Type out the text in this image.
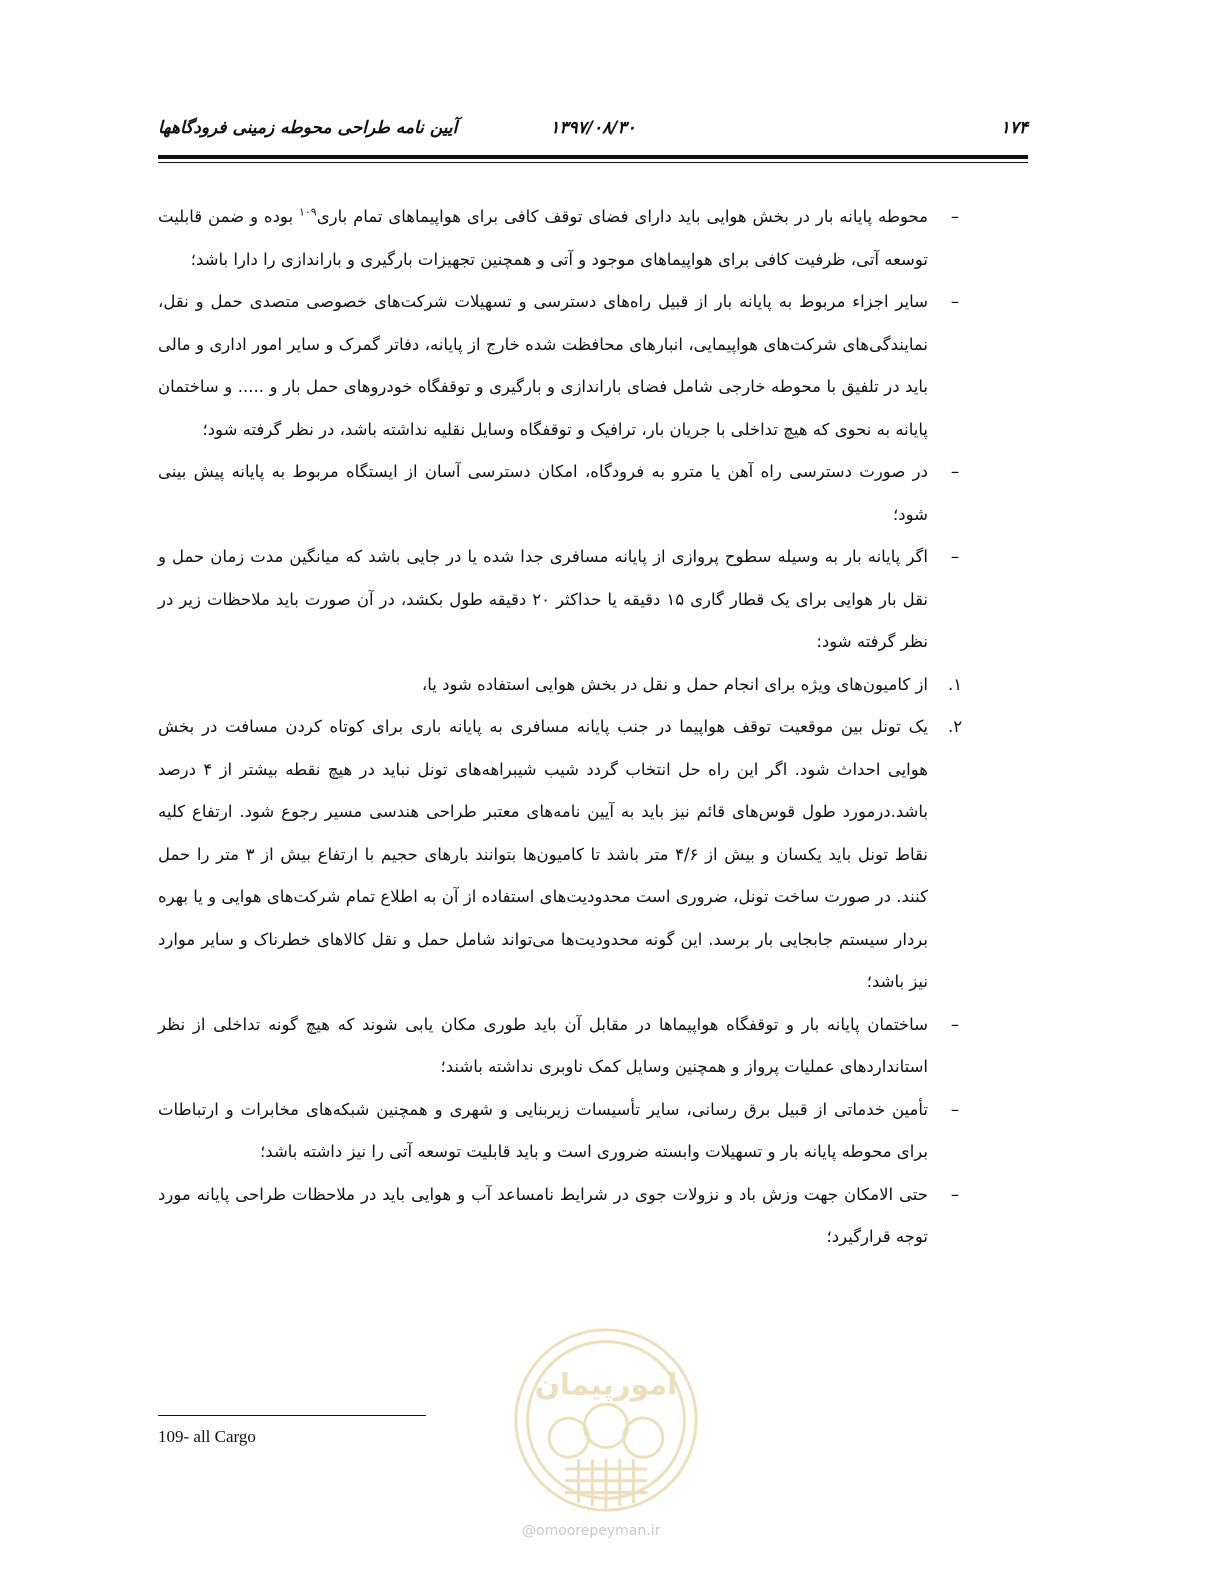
۱۷۴
۱۳۹۷/۰۸/۳۰
آیین نامه طراحی محوطه زمینی فرودگاهها
–

محوطه پایانه بار در بخش هوایی باید دارای فضای توقف کافی برای هواپیماهای تمام باری$^{۱۰۹}$ بوده و ضمن قابلیت توسعه آتی، ظرفیت کافی برای هواپیماهای موجود و آتی و همچنین تجهیزات بارگیری و باراندازی را دارا باشد؛

–

سایر اجزاء مربوط به پایانه بار از قبیل راه‌های دسترسی و تسهیلات شرکت‌های خصوصی متصدی حمل و نقل، نمایندگی‌های شرکت‌های هواپیمایی، انبارهای محافظت شده خارج از پایانه، دفاتر گمرک و سایر امور اداری و مالی باید در تلفیق با محوطه خارجی شامل فضای باراندازی و بارگیری و توقفگاه خودروهای حمل بار و ..... و ساختمان پایانه به نحوی که هیچ تداخلی با جریان بار، ترافیک و توقفگاه وسایل نقلیه نداشته باشد، در نظر گرفته شود؛

–

در صورت دسترسی راه آهن یا مترو به فرودگاه، امکان دسترسی آسان از ایستگاه مربوط به پایانه پیش بینی شود؛

–

اگر پایانه بار به وسیله سطوح پروازی از پایانه مسافری جدا شده یا در جایی باشد که میانگین مدت زمان حمل و نقل بار هوایی برای یک قطار گاری ۱۵ دقیقه یا حداکثر ۲۰ دقیقه طول بکشد، در آن صورت باید ملاحظات زیر در نظر گرفته شود:

۱.

از کامیون‌های ویژه برای انجام حمل و نقل در بخش هوایی استفاده شود یا،

۲.

یک تونل بین موقعیت توقف هواپیما در جنب پایانه مسافری به پایانه باری برای کوتاه کردن مسافت در بخش هوایی احداث شود. اگر این راه حل انتخاب گردد شیب شیبراهه‌های تونل نباید در هیچ نقطه بیشتر از ۴ درصد باشد.درمورد طول قوس‌های قائم نیز باید به آیین نامه‌های معتبر طراحی هندسی مسیر رجوع شود. ارتفاع کلیه نقاط تونل باید یکسان و بیش از ۴/۶ متر باشد تا کامیون‌ها بتوانند بارهای حجیم با ارتفاع بیش از ۳ متر را حمل کنند. در صورت ساخت تونل، ضروری است محدودیت‌های استفاده از آن به اطلاع تمام شرکت‌های هوایی و یا بهره بردار سیستم جابجایی بار برسد. این گونه محدودیت‌ها می‌تواند شامل حمل و نقل کالاهای خطرناک و سایر موارد نیز باشد؛

–

ساختمان پایانه بار و توقفگاه هواپیماها در مقابل آن باید طوری مکان یابی شوند که هیچ گونه تداخلی از نظر استانداردهای عملیات پرواز و همچنین وسایل کمک ناوبری نداشته باشند؛

–

تأمین خدماتی از قبیل برق رسانی، سایر تأسیسات زیربنایی و شهری و همچنین شبکه‌های مخابرات و ارتباطات برای محوطه پایانه بار و تسهیلات وابسته ضروری است و باید قابلیت توسعه آتی را نیز داشته باشد؛

–

حتی الامکان جهت وزش باد و نزولات جوی در شرایط نامساعد آب و هوایی باید در ملاحظات طراحی پایانه مورد توجه قرارگیرد؛

109- all Cargo
امورپیمان
@omoorepeyman.ir
